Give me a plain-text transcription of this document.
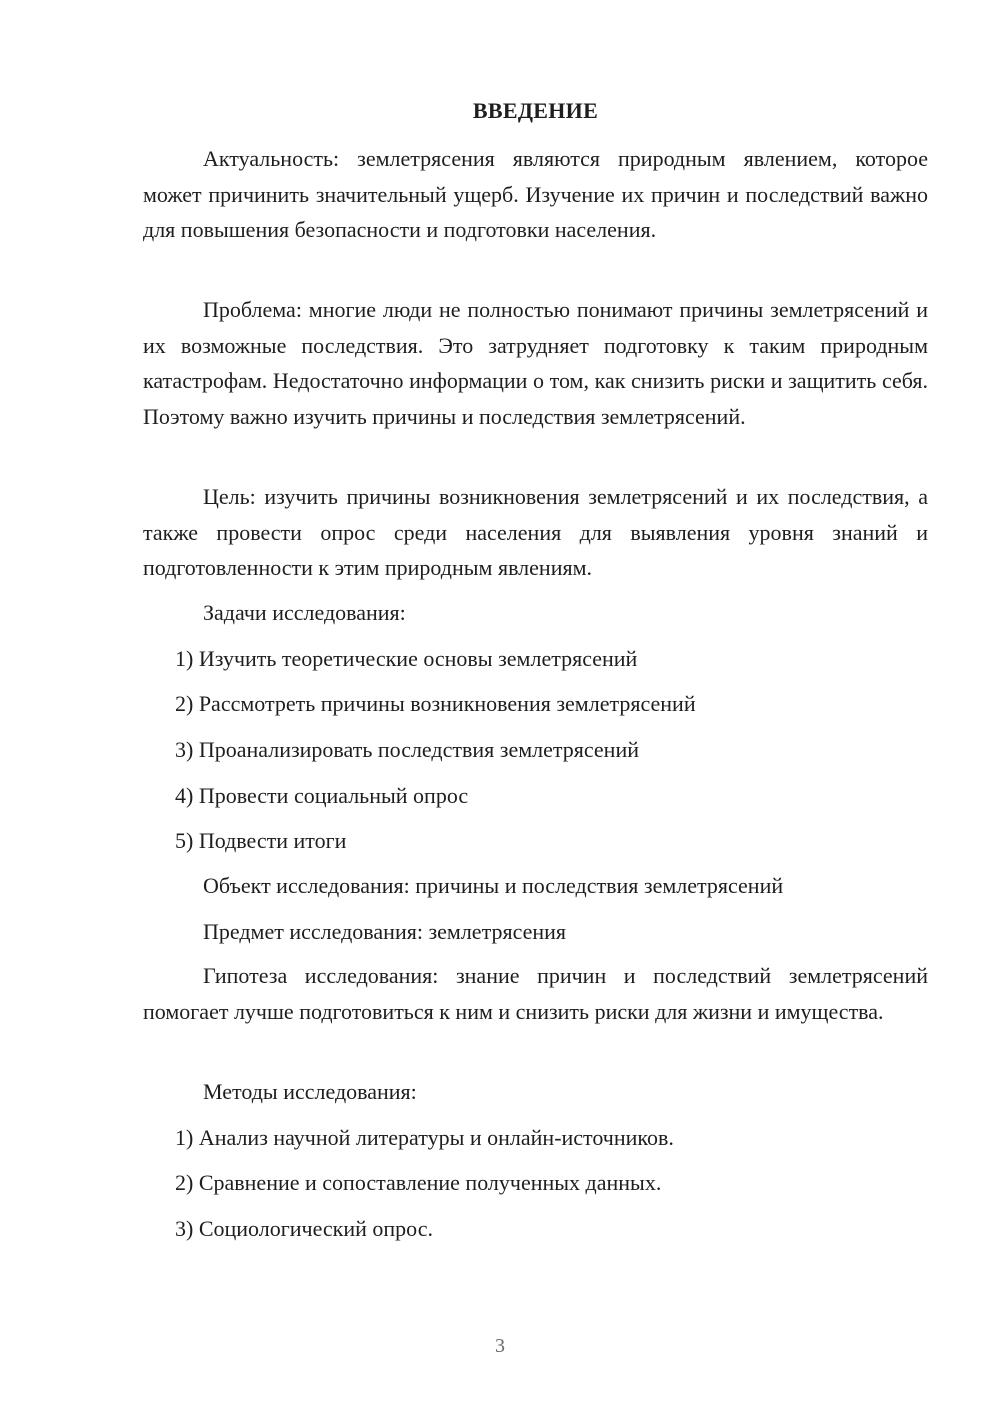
ВВЕДЕНИЕ

Актуальность: землетрясения являются природным явлением, которое может причинить значительный ущерб. Изучение их причин и последствий важно для повышения безопасности и подготовки населения.

Проблема: многие люди не полностью понимают причины землетрясений и их возможные последствия. Это затрудняет подготовку к таким природным катастрофам. Недостаточно информации о том, как снизить риски и защитить себя. Поэтому важно изучить причины и последствия землетрясений.

Цель: изучить причины возникновения землетрясений и их последствия, а также провести опрос среди населения для выявления уровня знаний и подготовленности к этим природным явлениям.

Задачи исследования:

1) Изучить теоретические основы землетрясений

2) Рассмотреть причины возникновения землетрясений

3) Проанализировать последствия землетрясений

4) Провести социальный опрос

5) Подвести итоги

Объект исследования: причины и последствия землетрясений

Предмет исследования: землетрясения

Гипотеза исследования: знание причин и последствий землетрясений помогает лучше подготовиться к ним и снизить риски для жизни и имущества.

Методы исследования:

1) Анализ научной литературы и онлайн-источников.

2) Сравнение и сопоставление полученных данных.

3) Социологический опрос.

3
